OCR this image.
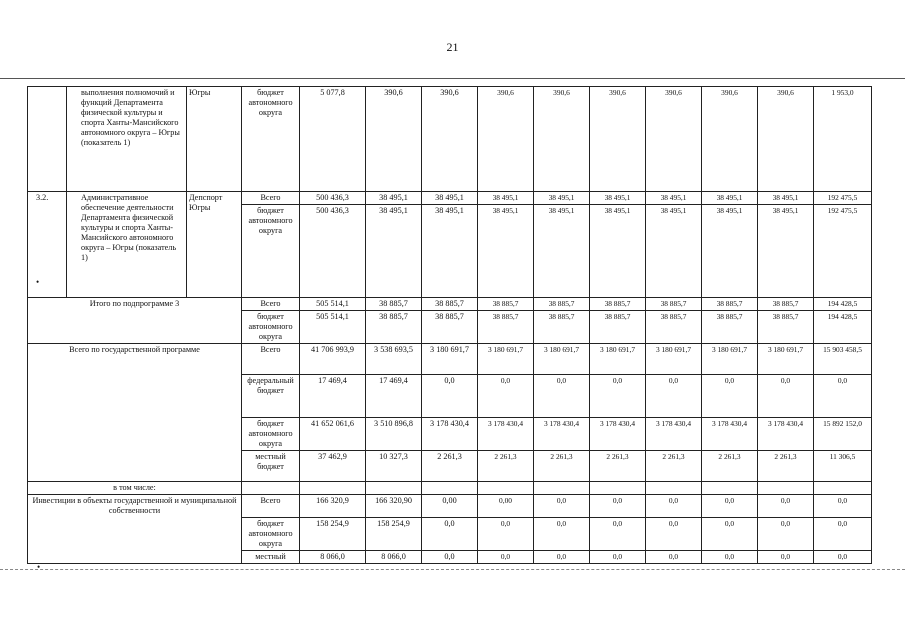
21
	выполнения полномочий и функций Департамента физической культуры и спорта Ханты-Мансийского автономного округа – Югры (показатель 1)	Югры	бюджет автономного округа	5 077,8	390,6	390,6	390,6	390,6	390,6	390,6	390,6	390,6	1 953,0
3.2.	Административное обеспечение деятельности Департамента физической культуры и спорта Ханты-Мансийского автономного округа – Югры (показатель 1)	Депспорт Югры	Всего	500 436,3	38 495,1	38 495,1	38 495,1	38 495,1	38 495,1	38 495,1	38 495,1	38 495,1	192 475,5
			бюджет автономного округа	500 436,3	38 495,1	38 495,1	38 495,1	38 495,1	38 495,1	38 495,1	38 495,1	38 495,1	192 475,5
Итого по подпрограмме 3			Всего	505 514,1	38 885,7	38 885,7	38 885,7	38 885,7	38 885,7	38 885,7	38 885,7	38 885,7	194 428,5
			бюджет автономного округа	505 514,1	38 885,7	38 885,7	38 885,7	38 885,7	38 885,7	38 885,7	38 885,7	38 885,7	194 428,5
Всего по государственной программе			Всего	41 706 993,9	3 538 693,5	3 180 691,7	3 180 691,7	3 180 691,7	3 180 691,7	3 180 691,7	3 180 691,7	3 180 691,7	15 903 458,5
			федеральный бюджет	17 469,4	17 469,4	0,0	0,0	0,0	0,0	0,0	0,0	0,0	0,0
			бюджет автономного округа	41 652 061,6	3 510 896,8	3 178 430,4	3 178 430,4	3 178 430,4	3 178 430,4	3 178 430,4	3 178 430,4	3 178 430,4	15 892 152,0
			местный бюджет	37 462,9	10 327,3	2 261,3	2 261,3	2 261,3	2 261,3	2 261,3	2 261,3	2 261,3	11 306,5
в том числе:													
Инвестиции в объекты государственной и муниципальной собственности			Всего	166 320,9	166 320,90	0,00	0,00	0,0	0,0	0,0	0,0	0,0	0,0
			бюджет автономного округа	158 254,9	158 254,9	0,0	0,0	0,0	0,0	0,0	0,0	0,0	0,0
			местный	8 066,0	8 066,0	0,0	0,0	0,0	0,0	0,0	0,0	0,0	0,0
•
•
